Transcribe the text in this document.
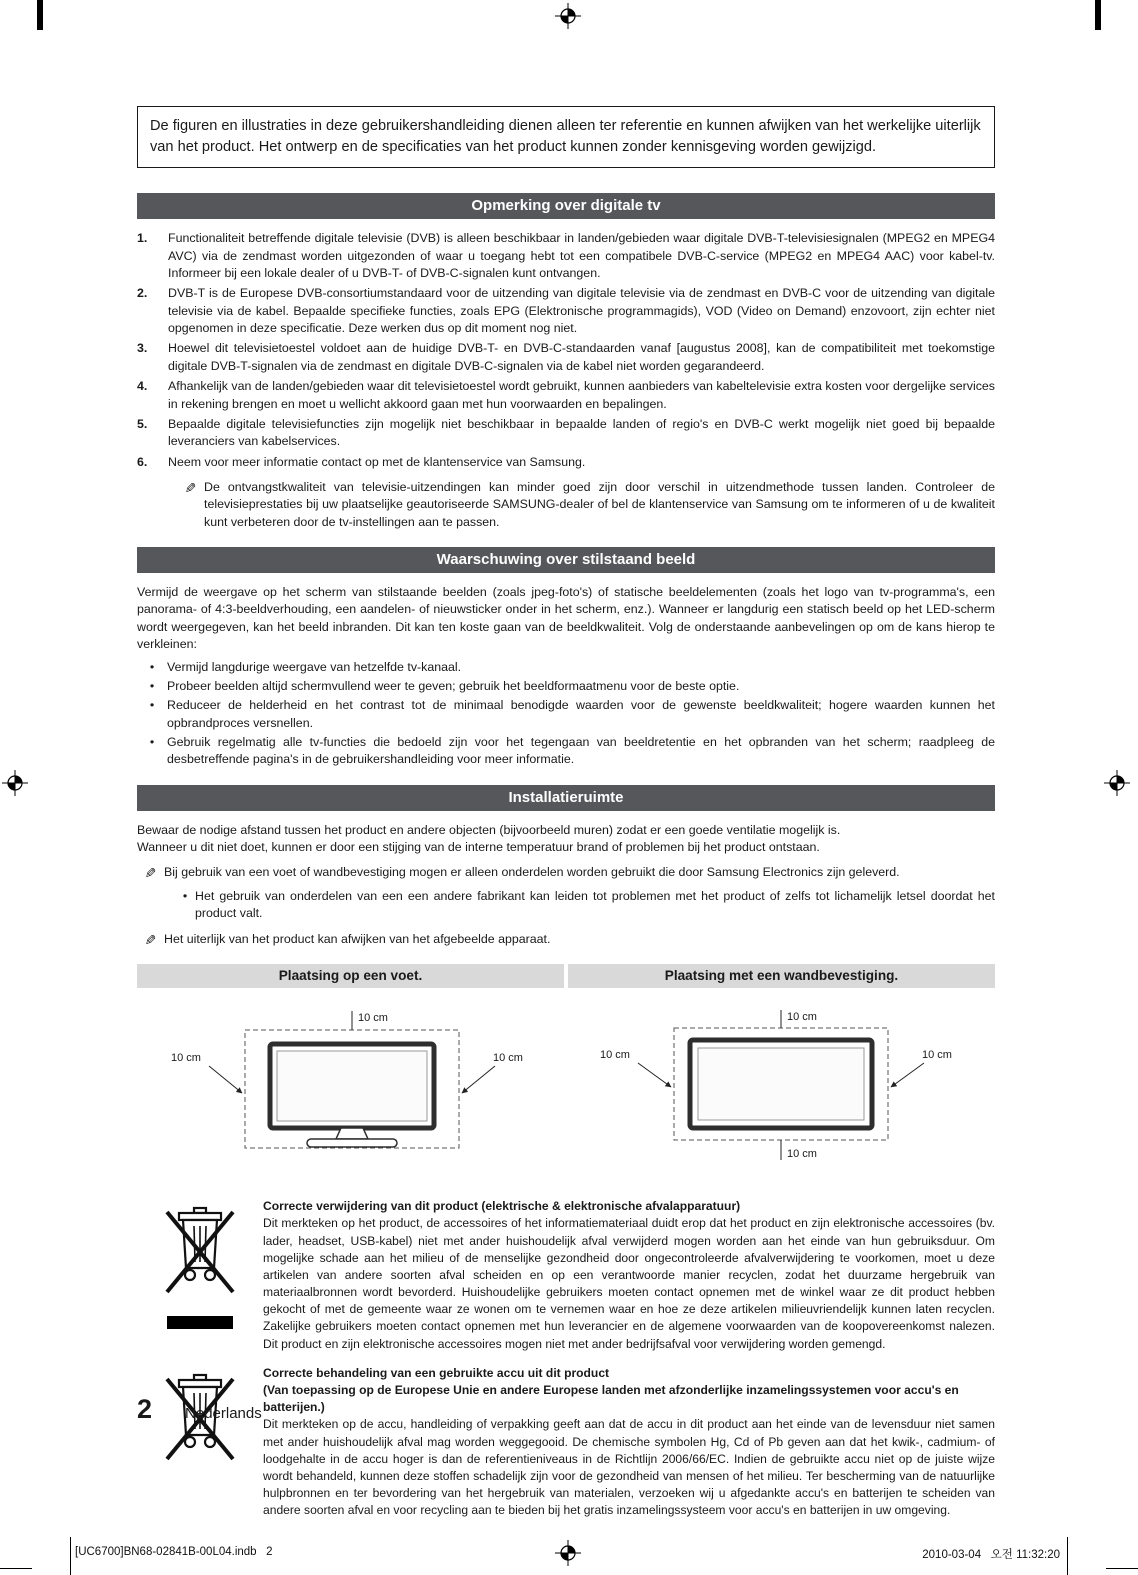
De figuren en illustraties in deze gebruikershandleiding dienen alleen ter referentie en kunnen afwijken van het werkelijke uiterlijk van het product. Het ontwerp en de specificaties van het product kunnen zonder kennisgeving worden gewijzigd.

Opmerking over digitale tv
1.	Functionaliteit betreffende digitale televisie (DVB) is alleen beschikbaar in landen/gebieden waar digitale DVB-T-televisiesignalen (MPEG2 en MPEG4 AVC) via de zendmast worden uitgezonden of waar u toegang hebt tot een compatibele DVB-C-service (MPEG2 en MPEG4 AAC) voor kabel-tv. Informeer bij een lokale dealer of u DVB-T- of DVB-C-signalen kunt ontvangen.
2.	DVB-T is de Europese DVB-consortiumstandaard voor de uitzending van digitale televisie via de zendmast en DVB-C voor de uitzending van digitale televisie via de kabel. Bepaalde specifieke functies, zoals EPG (Elektronische programmagids), VOD (Video on Demand) enzovoort, zijn echter niet opgenomen in deze specificatie. Deze werken dus op dit moment nog niet.
3.	Hoewel dit televisietoestel voldoet aan de huidige DVB-T- en DVB-C-standaarden vanaf [augustus 2008], kan de compatibiliteit met toekomstige digitale DVB-T-signalen via de zendmast en digitale DVB-C-signalen via de kabel niet worden gegarandeerd.
4.	Afhankelijk van de landen/gebieden waar dit televisietoestel wordt gebruikt, kunnen aanbieders van kabeltelevisie extra kosten voor dergelijke services in rekening brengen en moet u wellicht akkoord gaan met hun voorwaarden en bepalingen.
5.	Bepaalde digitale televisiefuncties zijn mogelijk niet beschikbaar in bepaalde landen of regio's en DVB-C werkt mogelijk niet goed bij bepaalde leveranciers van kabelservices.
6.	Neem voor meer informatie contact op met de klantenservice van Samsung.
✎ De ontvangstkwaliteit van televisie-uitzendingen kan minder goed zijn door verschil in uitzendmethode tussen landen. Controleer de televisieprestaties bij uw plaatselijke geautoriseerde SAMSUNG-dealer of bel de klantenservice van Samsung om te informeren of u de kwaliteit kunt verbeteren door de tv-instellingen aan te passen.
Waarschuwing over stilstaand beeld

Vermijd de weergave op het scherm van stilstaande beelden (zoals jpeg-foto's) of statische beeldelementen (zoals het logo van tv-programma's, een panorama- of 4:3-beeldverhouding, een aandelen- of nieuwsticker onder in het scherm, enz.). Wanneer er langdurig een statisch beeld op het LED-scherm wordt weergegeven, kan het beeld inbranden. Dit kan ten koste gaan van de beeldkwaliteit. Volg de onderstaande aanbevelingen op om de kans hierop te verkleinen:

•	Vermijd langdurige weergave van hetzelfde tv-kanaal.
•	Probeer beelden altijd schermvullend weer te geven; gebruik het beeldformaatmenu voor de beste optie.
•	Reduceer de helderheid en het contrast tot de minimaal benodigde waarden voor de gewenste beeldkwaliteit; hogere waarden kunnen het opbrandproces versnellen.
•	Gebruik regelmatig alle tv-functies die bedoeld zijn voor het tegengaan van beeldretentie en het opbranden van het scherm; raadpleeg de desbetreffende pagina's in de gebruikershandleiding voor meer informatie.
Installatieruimte

Bewaar de nodige afstand tussen het product en andere objecten (bijvoorbeeld muren) zodat er een goede ventilatie mogelijk is.

Wanneer u dit niet doet, kunnen er door een stijging van de interne temperatuur brand of problemen bij het product ontstaan.

✎ Bij gebruik van een voet of wandbevestiging mogen er alleen onderdelen worden gebruikt die door Samsung Electronics zijn geleverd.
• Het gebruik van onderdelen van een een andere fabrikant kan leiden tot problemen met het product of zelfs tot lichamelijk letsel doordat het product valt.
✎ Het uiterlijk van het product kan afwijken van het afgebeelde apparaat.
Plaatsing op een voet.	Plaatsing met een wandbevestiging.
10 cm
10 cm	10 cm
10 cm
10 cm	10 cm
10 cm

Correcte verwijdering van dit product (elektrische & elektronische afvalapparatuur)

Dit merkteken op het product, de accessoires of het informatiemateriaal duidt erop dat het product en zijn elektronische accessoires (bv. lader, headset, USB-kabel) niet met ander huishoudelijk afval verwijderd mogen worden aan het einde van hun gebruiksduur. Om mogelijke schade aan het milieu of de menselijke gezondheid door ongecontroleerde afvalverwijdering te voorkomen, moet u deze artikelen van andere soorten afval scheiden en op een verantwoorde manier recyclen, zodat het duurzame hergebruik van materiaalbronnen wordt bevorderd. Huishoudelijke gebruikers moeten contact opnemen met de winkel waar ze dit product hebben gekocht of met de gemeente waar ze wonen om te vernemen waar en hoe ze deze artikelen milieuvriendelijk kunnen laten recyclen. Zakelijke gebruikers moeten contact opnemen met hun leverancier en de algemene voorwaarden van de koopovereenkomst nalezen. Dit product en zijn elektronische accessoires mogen niet met ander bedrijfsafval voor verwijdering worden gemengd.

Correcte behandeling van een gebruikte accu uit dit product

(Van toepassing op de Europese Unie en andere Europese landen met afzonderlijke inzamelingssystemen voor accu's en batterijen.)

Dit merkteken op de accu, handleiding of verpakking geeft aan dat de accu in dit product aan het einde van de levensduur niet samen met ander huishoudelijk afval mag worden weggegooid. De chemische symbolen Hg, Cd of Pb geven aan dat het kwik-, cadmium- of loodgehalte in de accu hoger is dan de referentieniveaus in de Richtlijn 2006/66/EC. Indien de gebruikte accu niet op de juiste wijze wordt behandeld, kunnen deze stoffen schadelijk zijn voor de gezondheid van mensen of het milieu. Ter bescherming van de natuurlijke hulpbronnen en ter bevordering van het hergebruik van materialen, verzoeken wij u afgedankte accu's en batterijen te scheiden van andere soorten afval en voor recycling aan te bieden bij het gratis inzamelingssysteem voor accu's en batterijen in uw omgeving.

2 Nederlands
[UC6700]BN68-02841B-00L04.indb   2	2010-03-04   오전 11:32:20
